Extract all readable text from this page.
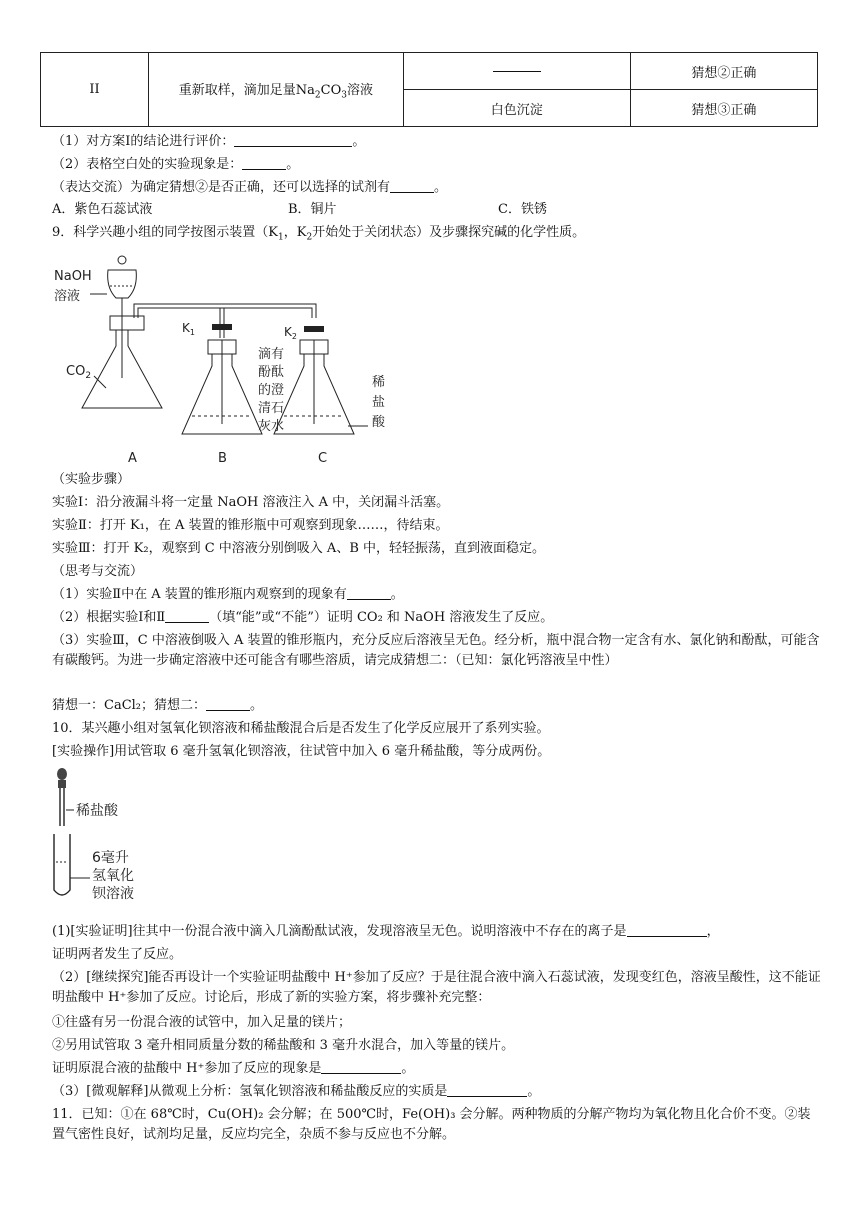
II	重新取样，滴加足量$Na_2CO_3$溶液		猜想②正确
		白色沉淀	猜想③正确
（1）对方案Ⅰ的结论进行评价：	。
（2）表格空白处的实验现象是：	。
（表达交流）为确定猜想②是否正确，还可以选择的试剂有	。
A．紫色石蕊试液	B．铜片	C．铁锈
9．科学兴趣小组的同学按图示装置（$K_1$，$K_2$开始处于关闭状态）及步骤探究碱的化学性质。
NaOH
溶液
$CO_2$
$K_1$
滴有
酚酞
的澄
清石
灰水
$K_2$
稀
盐
酸
A	B	C
（实验步骤）
实验Ⅰ：沿分液漏斗将一定量 NaOH 溶液注入 A 中，关闭漏斗活塞。
实验Ⅱ：打开 K₁，在 A 装置的锥形瓶中可观察到现象……，待结束。
实验Ⅲ：打开 K₂，观察到 C 中溶液分别倒吸入 A、B 中，轻轻振荡，直到液面稳定。
（思考与交流）
（1）实验Ⅱ中在 A 装置的锥形瓶内观察到的现象有	。
（2）根据实验Ⅰ和Ⅱ	（填“能”或“不能”）证明 CO₂ 和 NaOH 溶液发生了反应。
（3）实验Ⅲ，C 中溶液倒吸入 A 装置的锥形瓶内，充分反应后溶液呈无色。经分析，瓶中混合物一定含有水、氯化钠和酚酞，可能含有碳酸钙。为进一步确定溶液中还可能含有哪些溶质，请完成猜想二：（已知：氯化钙溶液呈中性）
猜想一：CaCl₂；猜想二：	。
10．某兴趣小组对氢氧化钡溶液和稀盐酸混合后是否发生了化学反应展开了系列实验。
[实验操作]用试管取 6 毫升氢氧化钡溶液，往试管中加入 6 毫升稀盐酸，等分成两份。
稀盐酸
6毫升
氢氧化
钡溶液
(1)[实验证明]往其中一份混合液中滴入几滴酚酞试液，发现溶液呈无色。说明溶液中不存在的离子是	，
证明两者发生了反应。
（2）[继续探究]能否再设计一个实验证明盐酸中 H⁺参加了反应？于是往混合液中滴入石蕊试液，发现变红色，溶液呈酸性，这不能证明盐酸中 H⁺参加了反应。讨论后，形成了新的实验方案，将步骤补充完整：
①往盛有另一份混合液的试管中，加入足量的镁片；
②另用试管取 3 毫升相同质量分数的稀盐酸和 3 毫升水混合，加入等量的镁片。
证明原混合液的盐酸中 H⁺参加了反应的现象是	。
（3）[微观解释]从微观上分析：氢氧化钡溶液和稀盐酸反应的实质是	。
11．已知：①在 68℃时，Cu(OH)₂ 会分解；在 500℃时，Fe(OH)₃ 会分解。两种物质的分解产物均为氧化物且化合价不变。②装置气密性良好，试剂均足量，反应均完全，杂质不参与反应也不分解。
